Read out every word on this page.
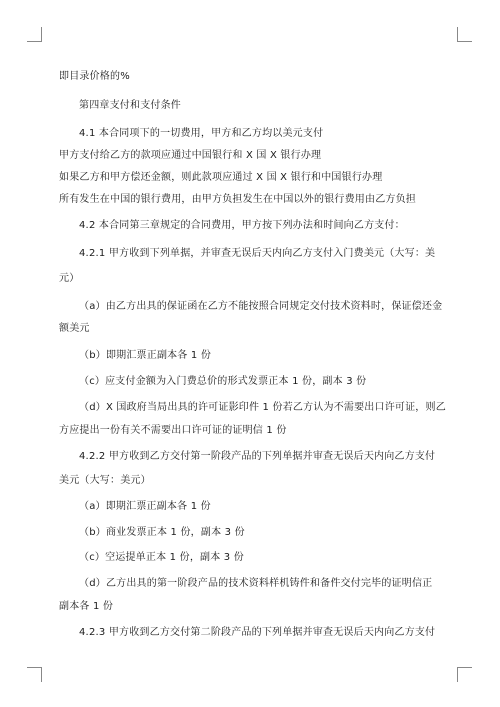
即目录价格的%
第四章支付和支付条件
4.1 本合同项下的一切费用，甲方和乙方均以美元支付
甲方支付给乙方的款项应通过中国银行和 X 国 X 银行办理
如果乙方和甲方偿还金额，则此款项应通过 X 国 X 银行和中国银行办理
所有发生在中国的银行费用，由甲方负担发生在中国以外的银行费用由乙方负担
4.2 本合同第三章规定的合同费用，甲方按下列办法和时间向乙方支付：
4.2.1 甲方收到下列单据，并审查无误后天内向乙方支付入门费美元（大写：美
元）
（a）由乙方出具的保证函在乙方不能按照合同规定交付技术资料时，保证偿还金
额美元
（b）即期汇票正副本各 1 份
（c）应支付金额为入门费总价的形式发票正本 1 份，副本 3 份
（d）X 国政府当局出具的许可证影印件 1 份若乙方认为不需要出口许可证，则乙
方应提出一份有关不需要出口许可证的证明信 1 份
4.2.2 甲方收到乙方交付第一阶段产品的下列单据并审查无误后天内向乙方支付
美元（大写：美元）
（a）即期汇票正副本各 1 份
（b）商业发票正本 1 份，副本 3 份
（c）空运提单正本 1 份，副本 3 份
（d）乙方出具的第一阶段产品的技术资料样机铸件和备件交付完毕的证明信正
副本各 1 份
4.2.3 甲方收到乙方交付第二阶段产品的下列单据并审查无误后天内向乙方支付
